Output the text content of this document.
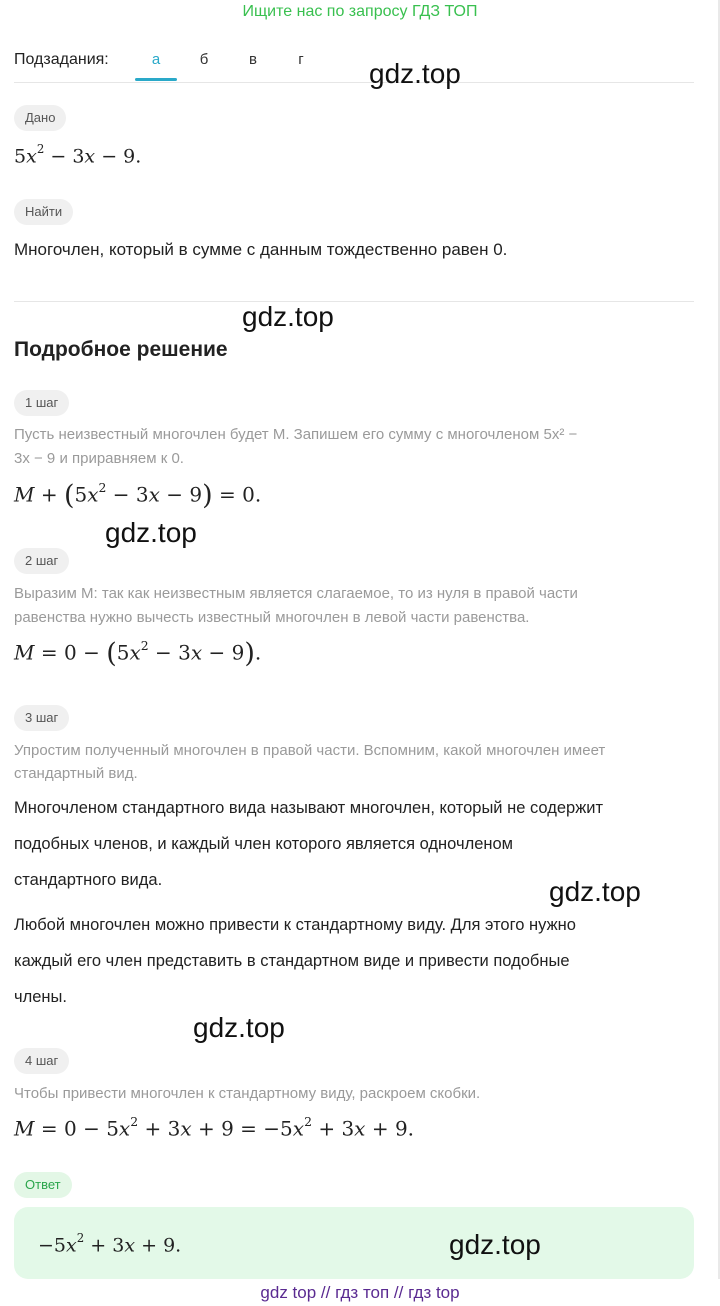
Ищите нас по запросу ГДЗ ТОП
Подзадания:	а	б	в	г
Дано
$5x^2 - 3x - 9$.
Найти
Многочлен, который в сумме с данным тождественно равен 0.
Подробное решение
1 шаг
Пусть неизвестный многочлен будет M. Запишем его сумму с многочленом 5x² −
3x − 9 и приравняем к 0.
$M + (5x^2 - 3x - 9) = 0$.
2 шаг
Выразим M: так как неизвестным является слагаемое, то из нуля в правой части
равенства нужно вычесть известный многочлен в левой части равенства.
$M = 0 - (5x^2 - 3x - 9)$.
3 шаг
Упростим полученный многочлен в правой части. Вспомним, какой многочлен имеет
стандартный вид.
Многочленом стандартного вида называют многочлен, который не содержит
подобных членов, и каждый член которого является одночленом
стандартного вида.
Любой многочлен можно привести к стандартному виду. Для этого нужно
каждый его член представить в стандартном виде и привести подобные
члены.
4 шаг
Чтобы привести многочлен к стандартному виду, раскроем скобки.
$M = 0 - 5x^2 + 3x + 9 = -5x^2 + 3x + 9$.
Ответ
$-5x^2 + 3x + 9$.
gdz.top
gdz.top
gdz.top
gdz.top
gdz.top
gdz.top
gdz top // гдз топ // гдз top
